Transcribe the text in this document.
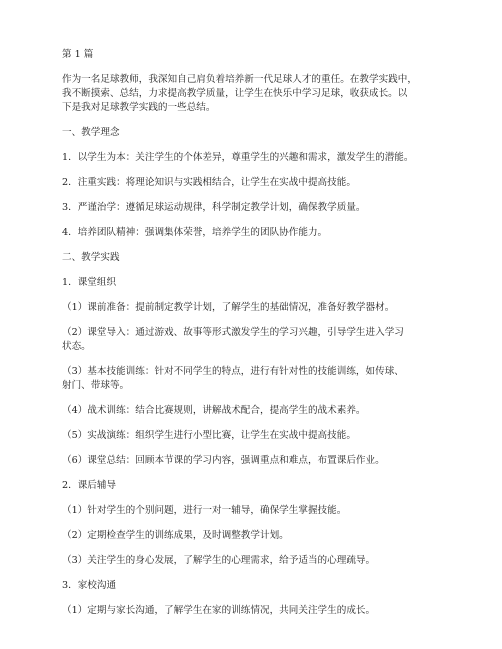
第 1 篇
作为一名足球教师，我深知自己肩负着培养新一代足球人才的重任。在教学实践中，
我不断摸索、总结，力求提高教学质量，让学生在快乐中学习足球，收获成长。以
下是我对足球教学实践的一些总结。
一、教学理念
1．以学生为本：关注学生的个体差异，尊重学生的兴趣和需求，激发学生的潜能。
2．注重实践：将理论知识与实践相结合，让学生在实战中提高技能。
3．严谨治学：遵循足球运动规律，科学制定教学计划，确保教学质量。
4．培养团队精神：强调集体荣誉，培养学生的团队协作能力。
二、教学实践
1．课堂组织
（1）课前准备：提前制定教学计划，了解学生的基础情况，准备好教学器材。
（2）课堂导入：通过游戏、故事等形式激发学生的学习兴趣，引导学生进入学习
状态。
（3）基本技能训练：针对不同学生的特点，进行有针对性的技能训练，如传球、
射门、带球等。
（4）战术训练：结合比赛规则，讲解战术配合，提高学生的战术素养。
（5）实战演练：组织学生进行小型比赛，让学生在实战中提高技能。
（6）课堂总结：回顾本节课的学习内容，强调重点和难点，布置课后作业。
2．课后辅导
（1）针对学生的个别问题，进行一对一辅导，确保学生掌握技能。
（2）定期检查学生的训练成果，及时调整教学计划。
（3）关注学生的身心发展，了解学生的心理需求，给予适当的心理疏导。
3．家校沟通
（1）定期与家长沟通，了解学生在家的训练情况，共同关注学生的成长。
